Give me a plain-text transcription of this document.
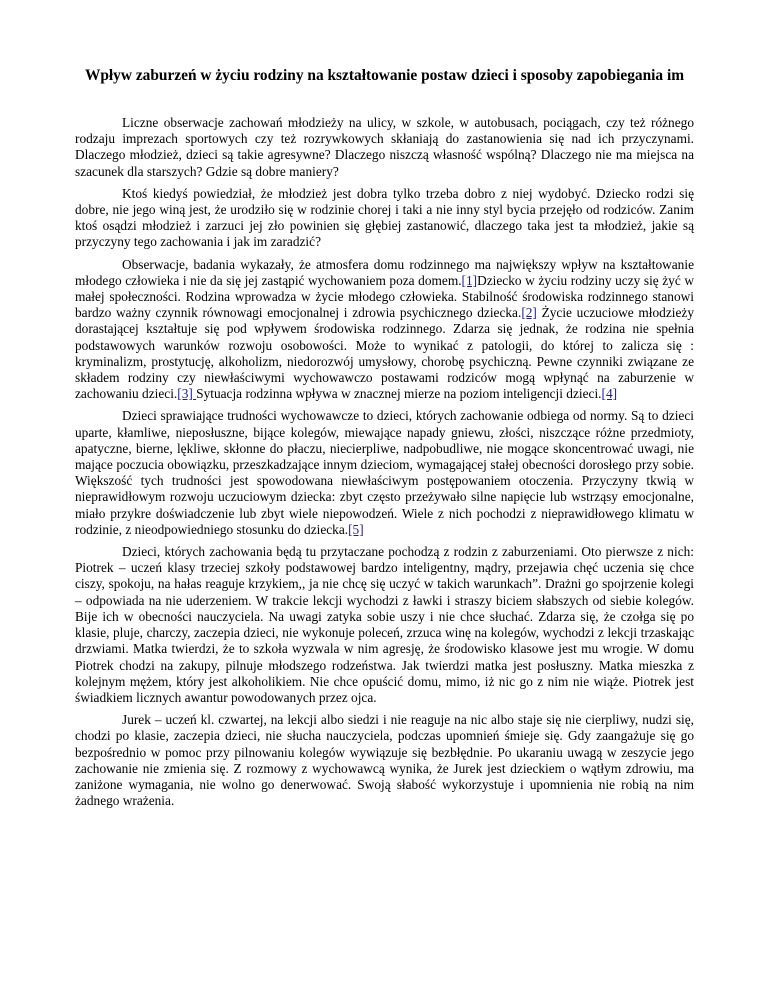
Wpływ zaburzeń w życiu rodziny na kształtowanie postaw dzieci i sposoby zapobiegania im

Liczne obserwacje zachowań młodzieży na ulicy, w szkole, w autobusach, pociągach, czy też różnego rodzaju imprezach sportowych czy też rozrywkowych skłaniają do zastanowienia się nad ich przyczynami. Dlaczego młodzież, dzieci są takie agresywne? Dlaczego niszczą własność wspólną? Dlaczego nie ma miejsca na szacunek dla starszych? Gdzie są dobre maniery?

Ktoś kiedyś powiedział, że młodzież jest dobra tylko trzeba dobro z niej wydobyć. Dziecko rodzi się dobre, nie jego winą jest, że urodziło się w rodzinie chorej i taki a nie inny styl bycia przejęło od rodziców. Zanim ktoś osądzi młodzież i zarzuci jej zło powinien się głębiej zastanowić, dlaczego taka jest ta młodzież, jakie są przyczyny tego zachowania i jak im zaradzić?

Obserwacje, badania wykazały, że atmosfera domu rodzinnego ma największy wpływ na kształtowanie młodego człowieka i nie da się jej zastąpić wychowaniem poza domem.[1]Dziecko w życiu rodziny uczy się żyć w małej społeczności. Rodzina wprowadza w życie młodego człowieka. Stabilność środowiska rodzinnego stanowi bardzo ważny czynnik równowagi emocjonalnej i zdrowia psychicznego dziecka.[2] Życie uczuciowe młodzieży dorastającej kształtuje się pod wpływem środowiska rodzinnego. Zdarza się jednak, że rodzina nie spełnia podstawowych warunków rozwoju osobowości. Może to wynikać z patologii, do której to zalicza się : kryminalizm, prostytucję, alkoholizm, niedorozwój umysłowy, chorobę psychiczną. Pewne czynniki związane ze składem rodziny czy niewłaściwymi wychowawczo postawami rodziców mogą wpłynąć na zaburzenie w zachowaniu dzieci.[3] Sytuacja rodzinna wpływa w znacznej mierze na poziom inteligencji dzieci.[4]

Dzieci sprawiające trudności wychowawcze to dzieci, których zachowanie odbiega od normy. Są to dzieci uparte, kłamliwe, nieposłuszne, bijące kolegów, miewające napady gniewu, złości, niszczące różne przedmioty, apatyczne, bierne, lękliwe, skłonne do płaczu, niecierpliwe, nadpobudliwe, nie mogące skoncentrować uwagi, nie mające poczucia obowiązku, przeszkadzające innym dzieciom, wymagającej stałej obecności dorosłego przy sobie. Większość tych trudności jest spowodowana niewłaściwym postępowaniem otoczenia. Przyczyny tkwią w nieprawidłowym rozwoju uczuciowym dziecka: zbyt często przeżywało silne napięcie lub wstrząsy emocjonalne, miało przykre doświadczenie lub zbyt wiele niepowodzeń. Wiele z nich pochodzi z nieprawidłowego klimatu w rodzinie, z nieodpowiedniego stosunku do dziecka.[5]

Dzieci, których zachowania będą tu przytaczane pochodzą z rodzin z zaburzeniami. Oto pierwsze z nich: Piotrek – uczeń klasy trzeciej szkoły podstawowej bardzo inteligentny, mądry, przejawia chęć uczenia się chce ciszy, spokoju, na hałas reaguje krzykiem,, ja nie chcę się uczyć w takich warunkach”. Drażni go spojrzenie kolegi – odpowiada na nie uderzeniem. W trakcie lekcji wychodzi z ławki i straszy biciem słabszych od siebie kolegów. Bije ich w obecności nauczyciela. Na uwagi zatyka sobie uszy i nie chce słuchać. Zdarza się, że czołga się po klasie, pluje, charczy, zaczepia dzieci, nie wykonuje poleceń, zrzuca winę na kolegów, wychodzi z lekcji trzaskając drzwiami. Matka twierdzi, że to szkoła wyzwala w nim agresję, że środowisko klasowe jest mu wrogie. W domu Piotrek chodzi na zakupy, pilnuje młodszego rodzeństwa. Jak twierdzi matka jest posłuszny. Matka mieszka z kolejnym mężem, który jest alkoholikiem. Nie chce opuścić domu, mimo, iż nic go z nim nie wiąże. Piotrek jest świadkiem licznych awantur powodowanych przez ojca.

Jurek – uczeń kl. czwartej, na lekcji albo siedzi i nie reaguje na nic albo staje się nie cierpliwy, nudzi się, chodzi po klasie, zaczepia dzieci, nie słucha nauczyciela, podczas upomnień śmieje się. Gdy zaangażuje się go bezpośrednio w pomoc przy pilnowaniu kolegów wywiązuje się bezbłędnie. Po ukaraniu uwagą w zeszycie jego zachowanie nie zmienia się. Z rozmowy z wychowawcą wynika, że Jurek jest dzieckiem o wątłym zdrowiu, ma zaniżone wymagania, nie wolno go denerwować. Swoją słabość wykorzystuje i upomnienia nie robią na nim żadnego wrażenia.
